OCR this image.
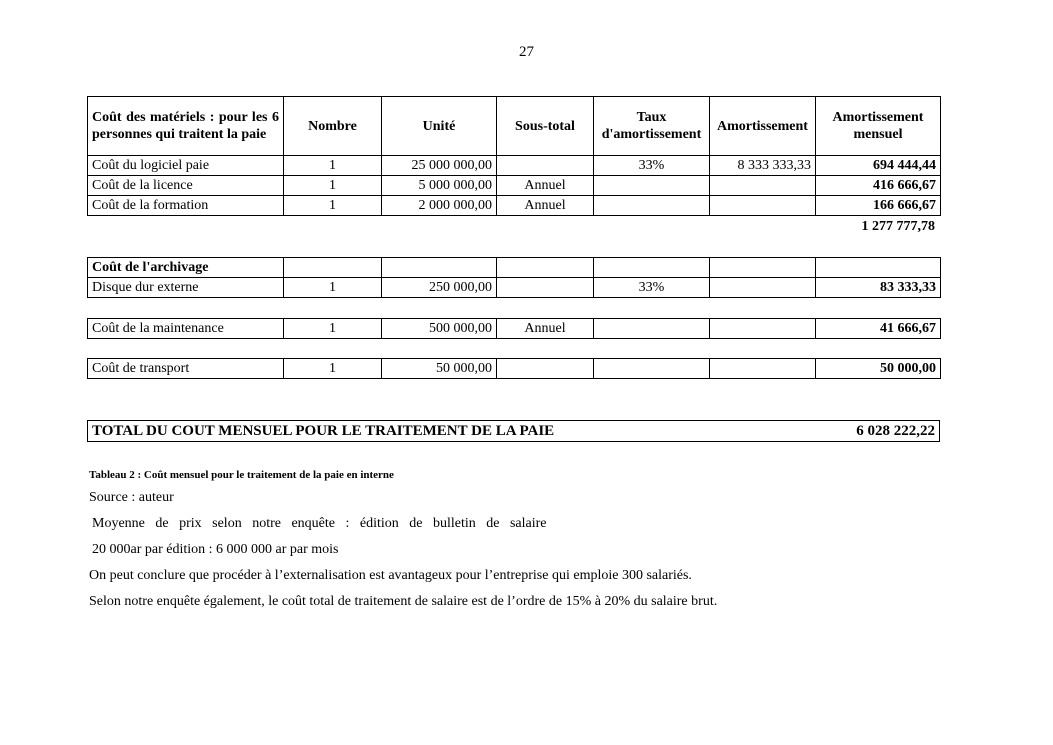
27
Coût des matériels : pour les 6 personnes qui traitent la paie	Nombre	Unité	Sous-total	Taux d'amortissement	Amortissement	Amortissement mensuel
Coût du logiciel paie	1	25 000 000,00		33%	8 333 333,33	694 444,44
Coût de la licence	1	5 000 000,00	Annuel			416 666,67
Coût de la formation	1	2 000 000,00	Annuel			166 666,67
1 277 777,78
Coût de l'archivage						
Disque dur externe	1	250 000,00		33%		83 333,33
Coût de la maintenance	1	500 000,00	Annuel			41 666,67
Coût de transport	1	50 000,00				50 000,00
TOTAL DU COUT MENSUEL POUR LE TRAITEMENT DE LA PAIE	6 028 222,22
Tableau 2 : Coût mensuel pour le traitement de la paie en interne
Source : auteur
Moyenne de prix selon notre enquête : édition de bulletin de salaire
20 000ar par édition : 6 000 000 ar par mois
On peut conclure que procéder à l’externalisation est avantageux pour l’entreprise qui emploie 300 salariés.
Selon notre enquête également, le coût total de traitement de salaire est de l’ordre de 15% à 20% du salaire brut.
